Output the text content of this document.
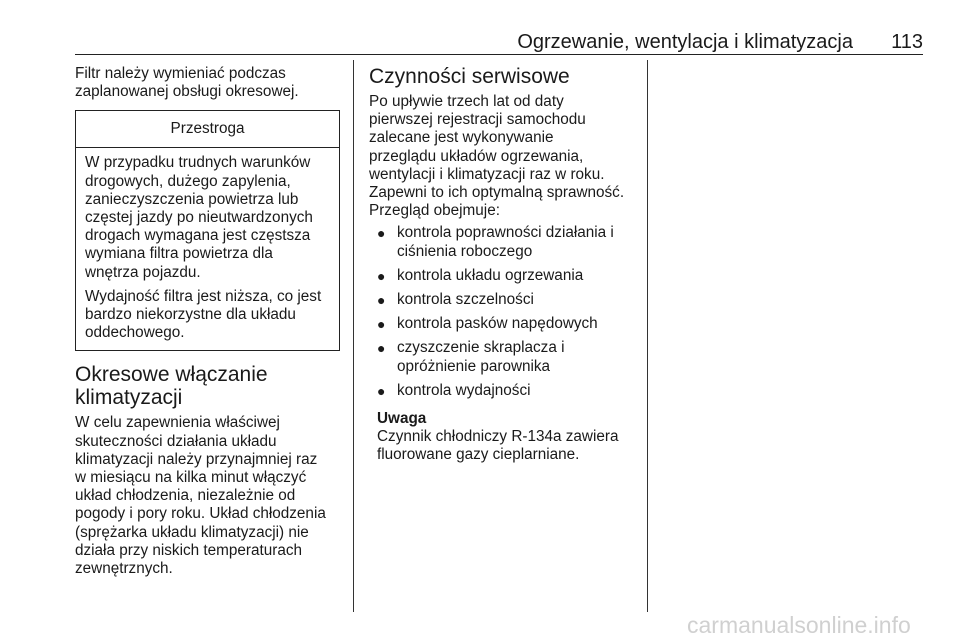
Ogrzewanie, wentylacja i klimatyzacja 113

Filtr należy wymieniać podczas
zaplanowanej obsługi okresowej.

Przestroga

W przypadku trudnych warunków
drogowych, dużego zapylenia,
zanieczyszczenia powietrza lub
częstej jazdy po nieutwardzonych
drogach wymagana jest częstsza
wymiana filtra powietrza dla
wnętrza pojazdu.

Wydajność filtra jest niższa, co jest
bardzo niekorzystne dla układu
oddechowego.

Okresowe włączanie
klimatyzacji

W celu zapewnienia właściwej
skuteczności działania układu
klimatyzacji należy przynajmniej raz
w miesiącu na kilka minut włączyć
układ chłodzenia, niezależnie od
pogody i pory roku. Układ chłodzenia
(sprężarka układu klimatyzacji) nie
działa przy niskich temperaturach
zewnętrznych.

Czynności serwisowe

Po upływie trzech lat od daty
pierwszej rejestracji samochodu
zalecane jest wykonywanie
przeglądu układów ogrzewania,
wentylacji i klimatyzacji raz w roku.
Zapewni to ich optymalną sprawność.
Przegląd obejmuje:

● kontrola poprawności działania i
ciśnienia roboczego
● kontrola układu ogrzewania
● kontrola szczelności
● kontrola pasków napędowych
● czyszczenie skraplacza i
opróżnienie parownika
● kontrola wydajności
Uwaga
Czynnik chłodniczy R-134a zawiera
fluorowane gazy cieplarniane.
carmanualsonline.info
